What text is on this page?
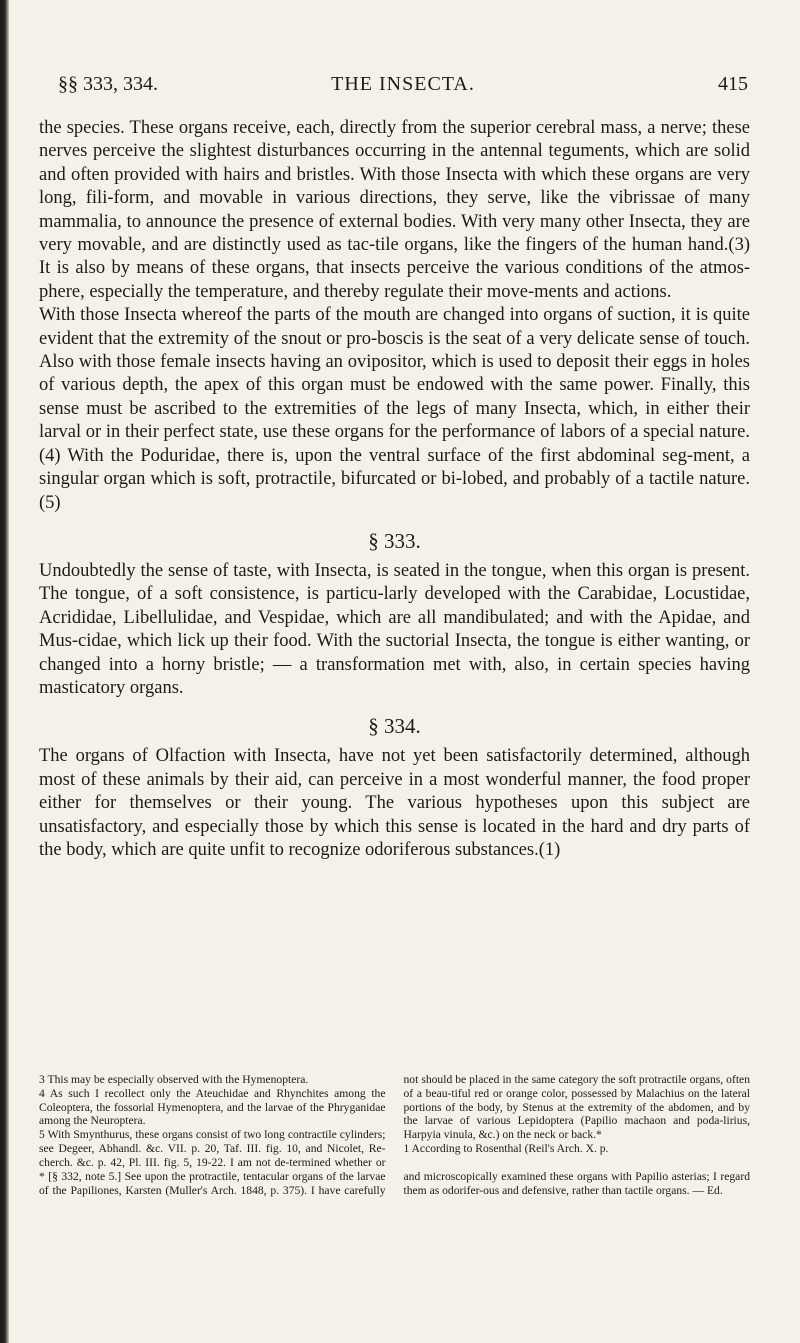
§§ 333, 334.	THE INSECTA.	415

the species. These organs receive, each, directly from the superior cerebral mass, a nerve; these nerves perceive the slightest disturbances occurring in the antennal teguments, which are solid and often provided with hairs and bristles. With those Insecta with which these organs are very long, fili-form, and movable in various directions, they serve, like the vibrissae of many mammalia, to announce the presence of external bodies. With very many other Insecta, they are very movable, and are distinctly used as tac-tile organs, like the fingers of the human hand.(3) It is also by means of these organs, that insects perceive the various conditions of the atmos-phere, especially the temperature, and thereby regulate their move-ments and actions.

With those Insecta whereof the parts of the mouth are changed into organs of suction, it is quite evident that the extremity of the snout or pro-boscis is the seat of a very delicate sense of touch. Also with those female insects having an ovipositor, which is used to deposit their eggs in holes of various depth, the apex of this organ must be endowed with the same power. Finally, this sense must be ascribed to the extremities of the legs of many Insecta, which, in either their larval or in their perfect state, use these organs for the performance of labors of a special nature.(4) With the Poduridae, there is, upon the ventral surface of the first abdominal seg-ment, a singular organ which is soft, protractile, bifurcated or bi-lobed, and probably of a tactile nature.(5)

§ 333.

Undoubtedly the sense of taste, with Insecta, is seated in the tongue, when this organ is present. The tongue, of a soft consistence, is particu-larly developed with the Carabidae, Locustidae, Acrididae, Libellulidae, and Vespidae, which are all mandibulated; and with the Apidae, and Mus-cidae, which lick up their food. With the suctorial Insecta, the tongue is either wanting, or changed into a horny bristle; — a transformation met with, also, in certain species having masticatory organs.

§ 334.

The organs of Olfaction with Insecta, have not yet been satisfactorily determined, although most of these animals by their aid, can perceive in a most wonderful manner, the food proper either for themselves or their young. The various hypotheses upon this subject are unsatisfactory, and especially those by which this sense is located in the hard and dry parts of the body, which are quite unfit to recognize odoriferous substances.(1)

3 This may be especially observed with the Hymenoptera.

4 As such I recollect only the Ateuchidae and Rhynchites among the Coleoptera, the fossorial Hymenoptera, and the larvae of the Phryganidae among the Neuroptera.

5 With Smynthurus, these organs consist of two long contractile cylinders; see Degeer, Abhandl. &c. VII. p. 20, Taf. III. fig. 10, and Nicolet, Re-cherch. &c. p. 42, Pl. III. fig. 5, 19-22. I am not de-termined whether or not should be placed in the same category the soft protractile organs, often of a beau-tiful red or orange color, possessed by Malachius on the lateral portions of the body, by Stenus at the extremity of the abdomen, and by the larvae of various Lepidoptera (Papilio machaon and poda-lirius, Harpyia vinula, &c.) on the neck or back.*

1 According to Rosenthal (Reil's Arch. X. p.

* [§ 332, note 5.] See upon the protractile, tentacular organs of the larvae of the Papiliones, Karsten (Muller's Arch. 1848, p. 375). I have carefully and microscopically examined these organs with Papilio asterias; I regard them as odorifer-ous and defensive, rather than tactile organs. — Ed.
